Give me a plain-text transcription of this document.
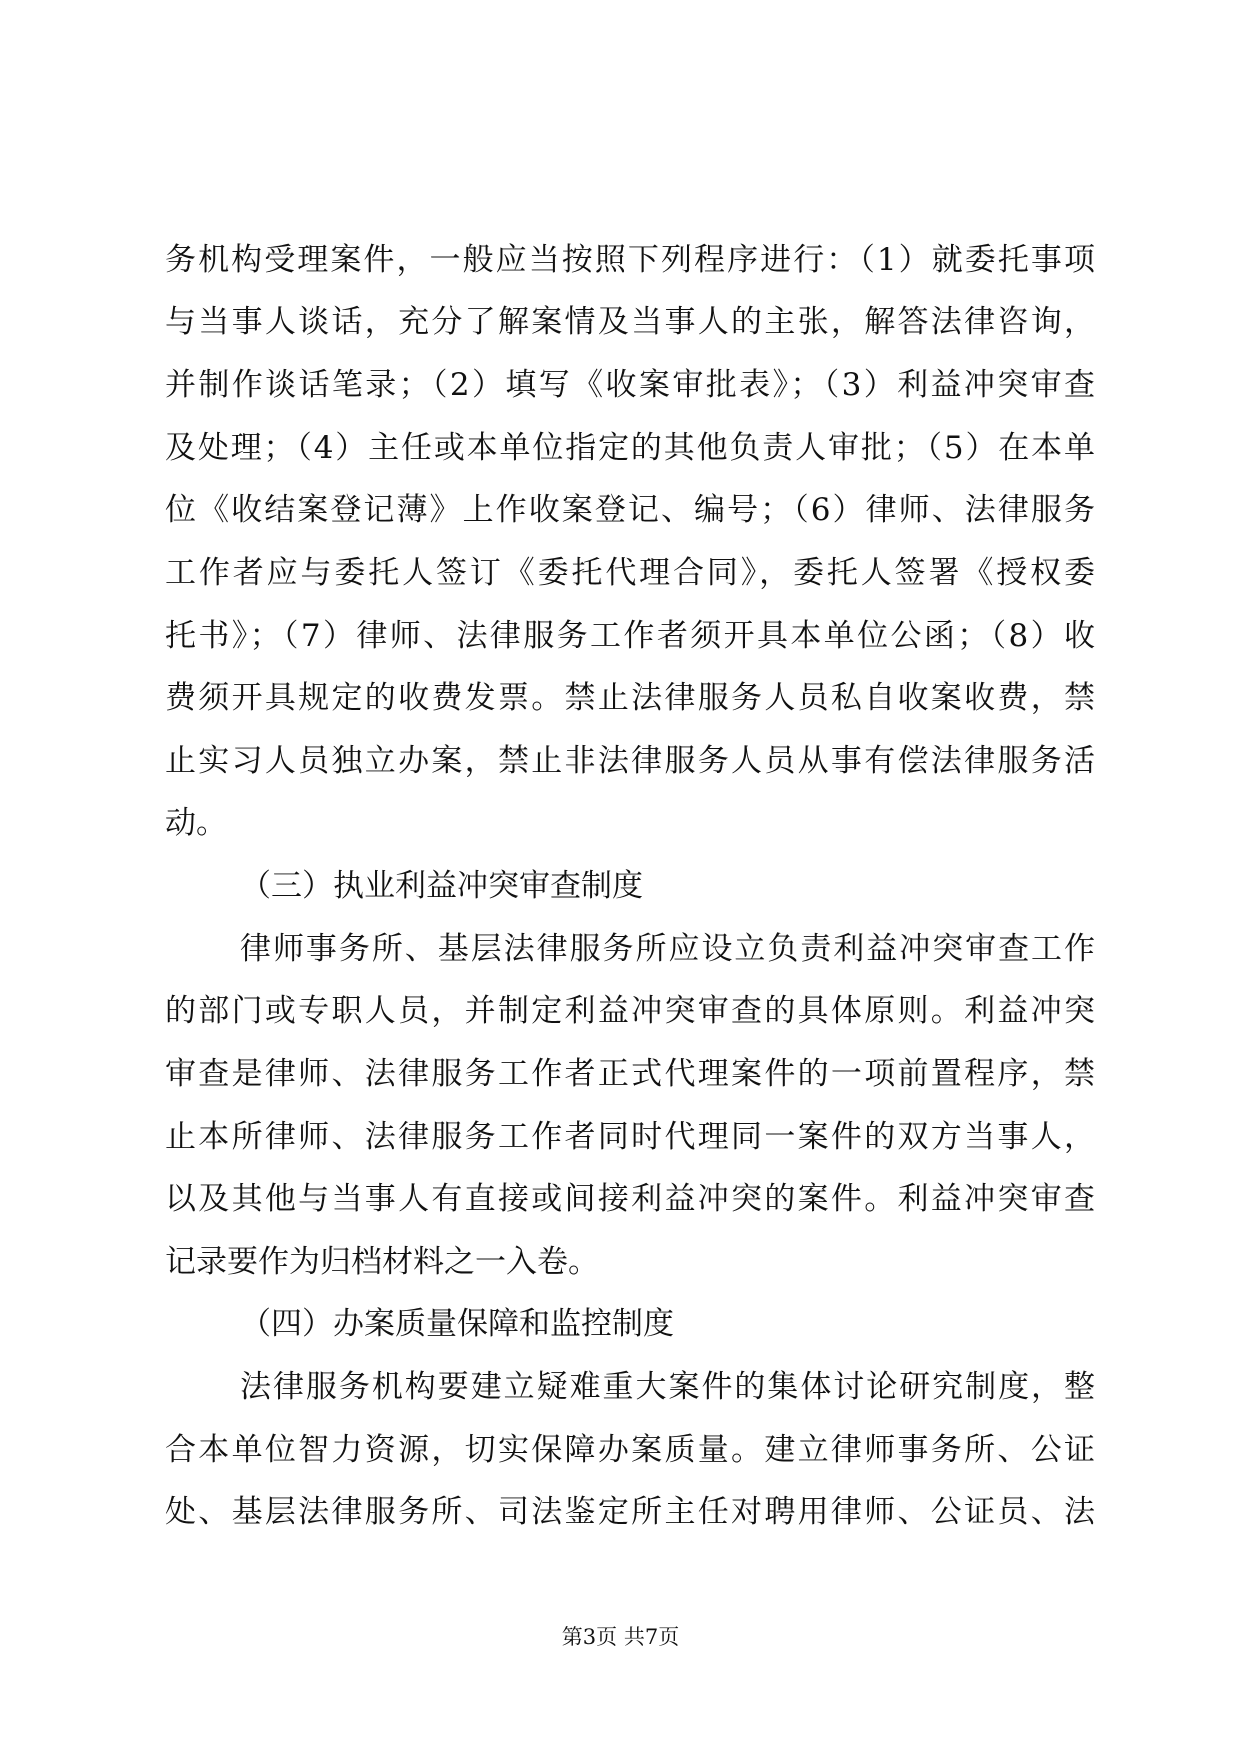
务机构受理案件，一般应当按照下列程序进行：（1）就委托事项
与当事人谈话，充分了解案情及当事人的主张，解答法律咨询，
并制作谈话笔录；（2）填写《收案审批表》；（3）利益冲突审查
及处理；（4）主任或本单位指定的其他负责人审批；（5）在本单
位《收结案登记薄》上作收案登记、编号；（6）律师、法律服务
工作者应与委托人签订《委托代理合同》，委托人签署《授权委
托书》；（7）律师、法律服务工作者须开具本单位公函；（8）收
费须开具规定的收费发票。禁止法律服务人员私自收案收费，禁
止实习人员独立办案，禁止非法律服务人员从事有偿法律服务活
动。
（三）执业利益冲突审查制度
律师事务所、基层法律服务所应设立负责利益冲突审查工作
的部门或专职人员，并制定利益冲突审查的具体原则。利益冲突
审查是律师、法律服务工作者正式代理案件的一项前置程序，禁
止本所律师、法律服务工作者同时代理同一案件的双方当事人，
以及其他与当事人有直接或间接利益冲突的案件。利益冲突审查
记录要作为归档材料之一入卷。
（四）办案质量保障和监控制度
法律服务机构要建立疑难重大案件的集体讨论研究制度，整
合本单位智力资源，切实保障办案质量。建立律师事务所、公证
处、基层法律服务所、司法鉴定所主任对聘用律师、公证员、法
第3页 共7页
